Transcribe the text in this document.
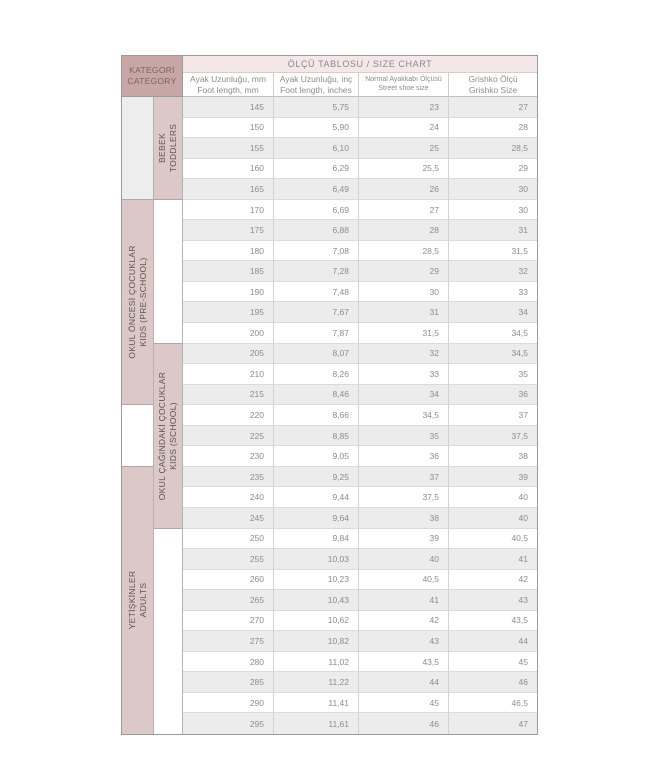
KATEGORİ
CATEGORY
ÖLÇÜ TABLOSU / SIZE CHART
Ayak Uzunluğu, mm
Foot length, mm
Ayak Uzunluğu, inç
Foot length, inches
Normal Ayakkabı Ölçüsü
Street shoe size
Grishko Ölçü
Grishko Size
OKUL ÖNCESİ ÇOCUKLAR KIDS (PRE-SCHOOL)
YETİŞKİNLER ADULTS
BEBEK TODDLERS
OKUL ÇAĞINDAKİ ÇOCUKLAR KIDS (SCHOOL)
145	5,75	23	27
150	5,90	24	28
155	6,10	25	28,5
160	6,29	25,5	29
165	6,49	26	30
170	6,69	27	30
175	6,88	28	31
180	7,08	28,5	31,5
185	7,28	29	32
190	7,48	30	33
195	7,67	31	34
200	7,87	31,5	34,5
205	8,07	32	34,5
210	8,26	33	35
215	8,46	34	36
220	8,66	34,5	37
225	8,85	35	37,5
230	9,05	36	38
235	9,25	37	39
240	9,44	37,5	40
245	9,64	38	40
250	9,84	39	40,5
255	10,03	40	41
260	10,23	40,5	42
265	10,43	41	43
270	10,62	42	43,5
275	10,82	43	44
280	11,02	43,5	45
285	11,22	44	46
290	11,41	45	46,5
295	11,61	46	47
